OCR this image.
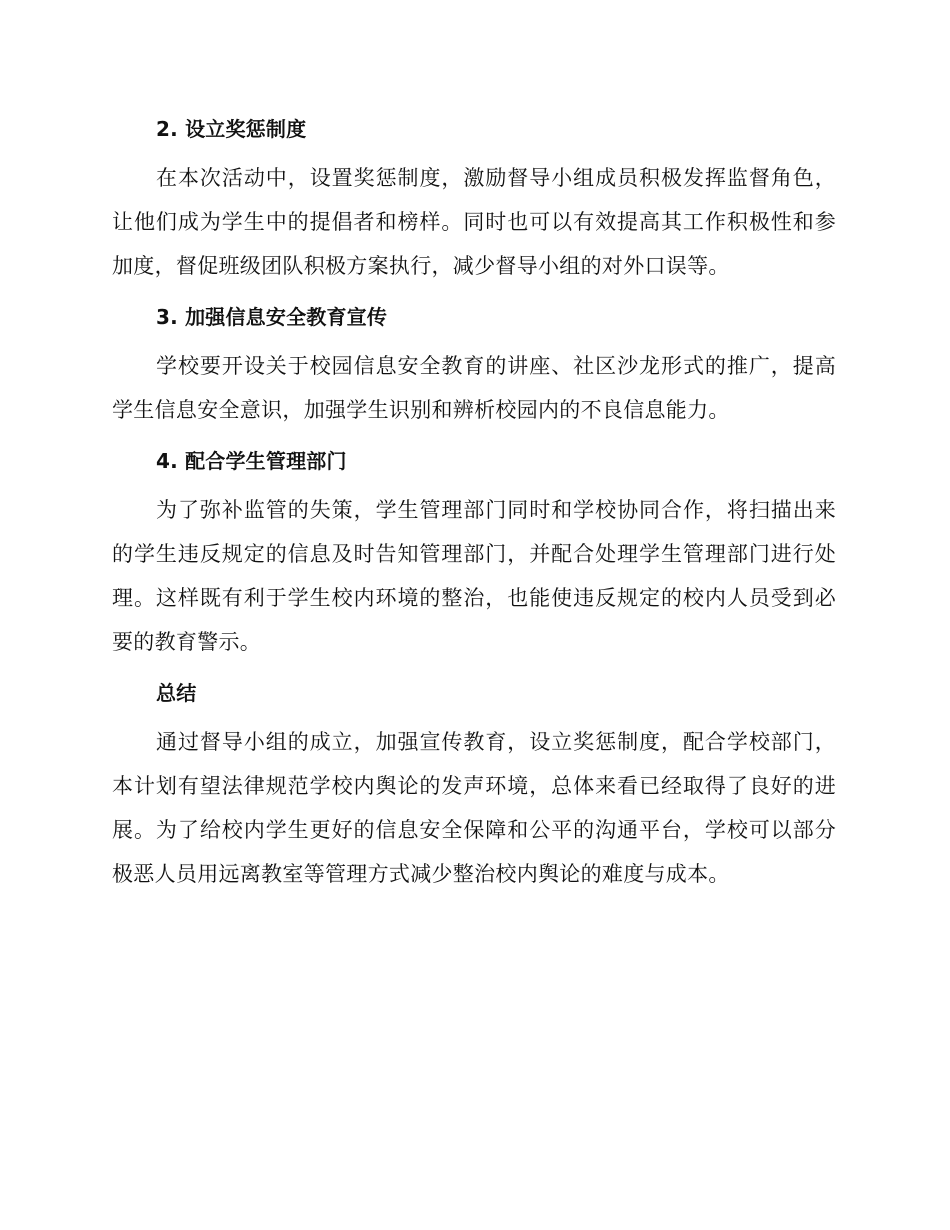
2. 设立奖惩制度

在本次活动中，设置奖惩制度，激励督导小组成员积极发挥监督角色，让他们成为学生中的提倡者和榜样。同时也可以有效提高其工作积极性和参加度，督促班级团队积极方案执行，减少督导小组的对外口误等。

3. 加强信息安全教育宣传

学校要开设关于校园信息安全教育的讲座、社区沙龙形式的推广，提高学生信息安全意识，加强学生识别和辨析校园内的不良信息能力。

4. 配合学生管理部门

为了弥补监管的失策，学生管理部门同时和学校协同合作，将扫描出来的学生违反规定的信息及时告知管理部门，并配合处理学生管理部门进行处理。这样既有利于学生校内环境的整治，也能使违反规定的校内人员受到必要的教育警示。

总结

通过督导小组的成立，加强宣传教育，设立奖惩制度，配合学校部门，本计划有望法律规范学校内舆论的发声环境，总体来看已经取得了良好的进展。为了给校内学生更好的信息安全保障和公平的沟通平台，学校可以部分极恶人员用远离教室等管理方式减少整治校内舆论的难度与成本。
